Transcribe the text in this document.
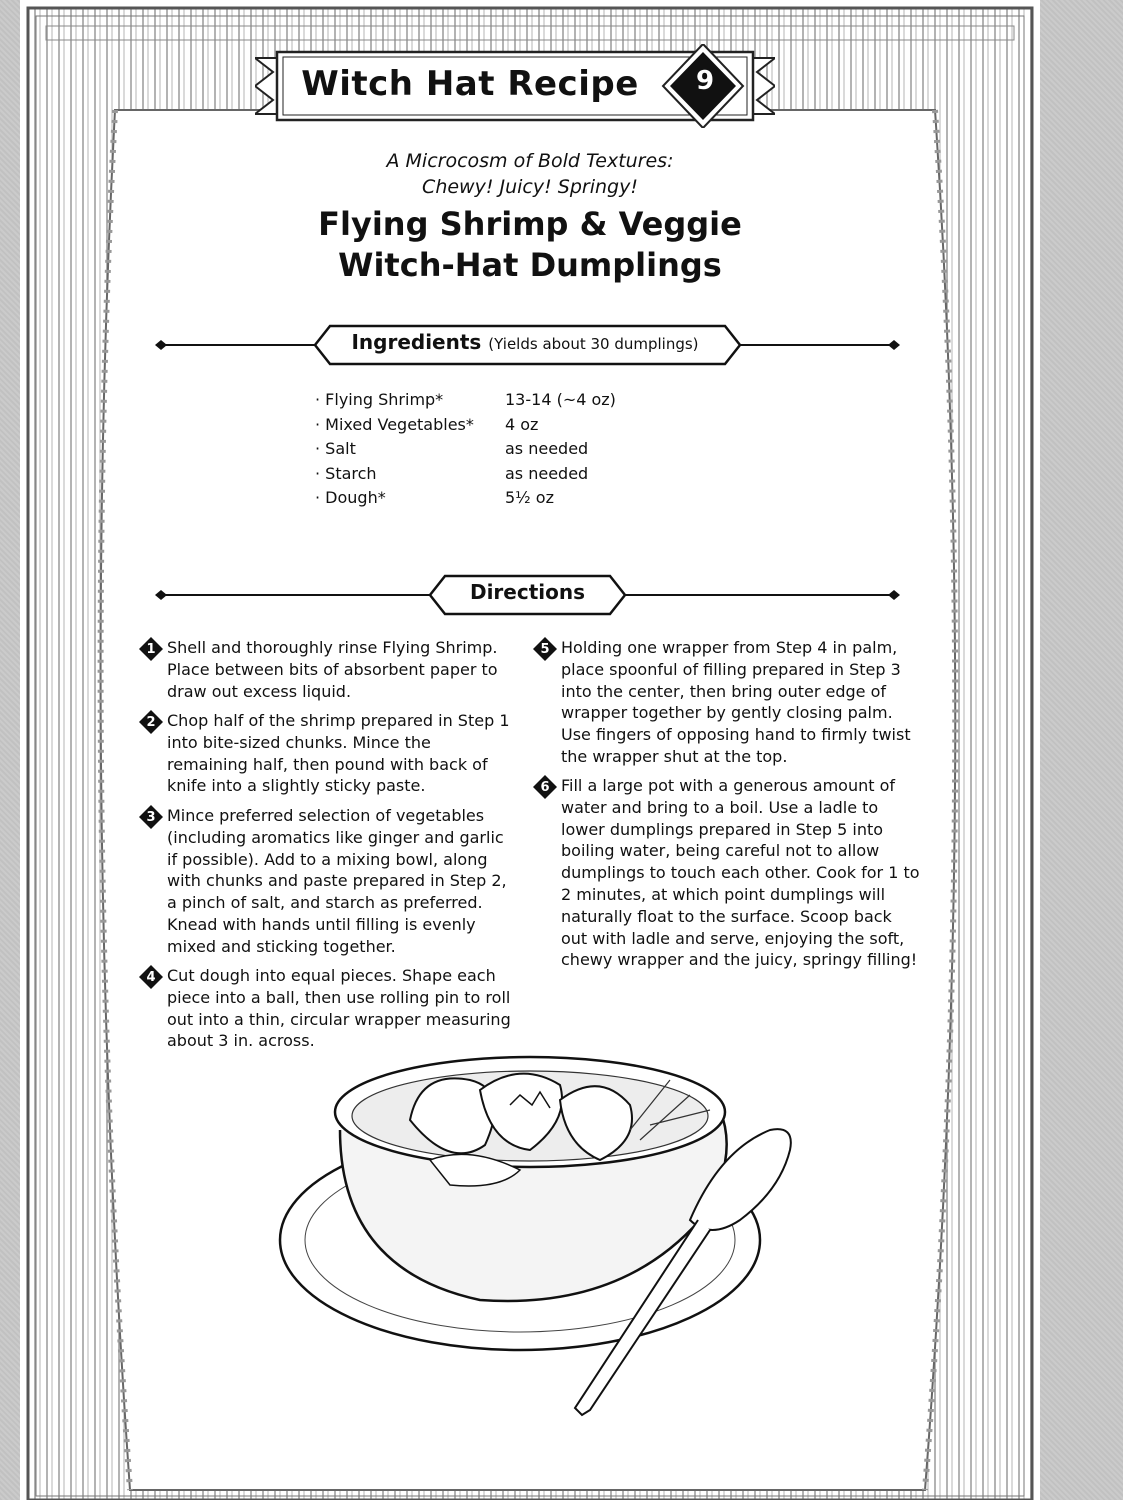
Witch Hat Recipe	9
A Microcosm of Bold Textures:
Chewy! Juicy! Springy!
Flying Shrimp & Veggie
Witch-Hat Dumplings
Ingredients (Yields about 30 dumplings)
· Flying Shrimp*	13-14 (~4 oz)
· Mixed Vegetables*	4 oz
· Salt	as needed
· Starch	as needed
· Dough*	5½ oz
Directions
1 Shell and thoroughly rinse Flying Shrimp. Place between bits of absorbent paper to draw out excess liquid.
2 Chop half of the shrimp prepared in Step 1 into bite-sized chunks. Mince the remaining half, then pound with back of knife into a slightly sticky paste.
3 Mince preferred selection of vegetables (including aromatics like ginger and garlic if possible). Add to a mixing bowl, along with chunks and paste prepared in Step 2, a pinch of salt, and starch as preferred. Knead with hands until filling is evenly mixed and sticking together.
4 Cut dough into equal pieces. Shape each piece into a ball, then use rolling pin to roll out into a thin, circular wrapper measuring about 3 in. across.
5 Holding one wrapper from Step 4 in palm, place spoonful of filling prepared in Step 3 into the center, then bring outer edge of wrapper together by gently closing palm. Use fingers of opposing hand to firmly twist the wrapper shut at the top.
6 Fill a large pot with a generous amount of water and bring to a boil. Use a ladle to lower dumplings prepared in Step 5 into boiling water, being careful not to allow dumplings to touch each other. Cook for 1 to 2 minutes, at which point dumplings will naturally float to the surface. Scoop back out with ladle and serve, enjoying the soft, chewy wrapper and the juicy, springy filling!
